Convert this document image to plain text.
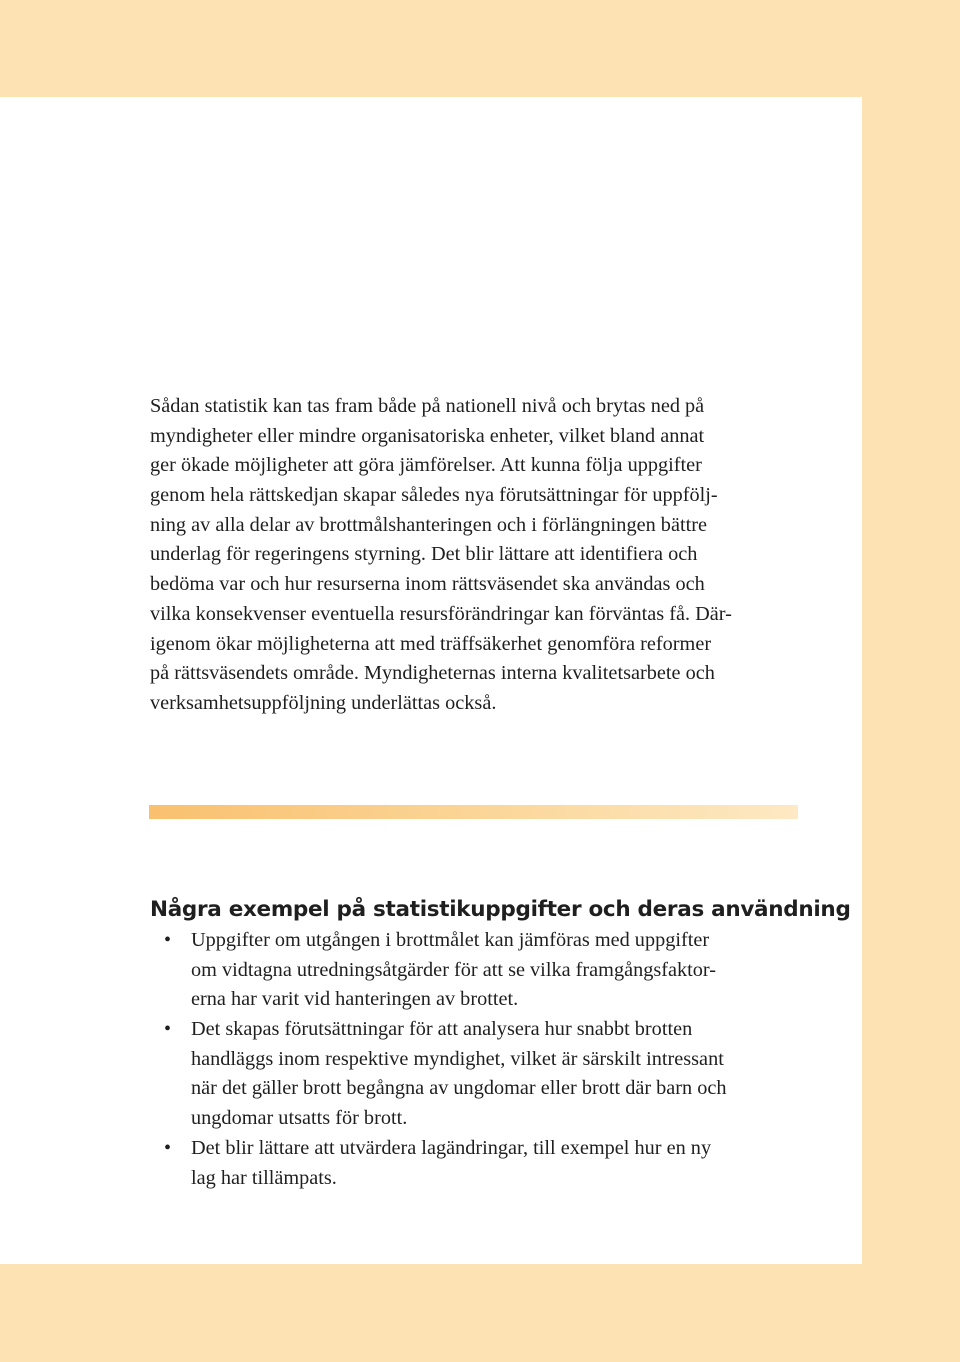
Sådan statistik kan tas fram både på nationell nivå och brytas ned på
myndigheter eller mindre organisatoriska enheter, vilket bland annat
ger ökade möjligheter att göra jämförelser. Att kunna följa uppgifter
genom hela rättskedjan skapar således nya förutsättningar för uppfölj-
ning av alla delar av brottmålshanteringen och i förlängningen bättre
underlag för regeringens styrning. Det blir lättare att identifiera och
bedöma var och hur resurserna inom rättsväsendet ska användas och
vilka konsekvenser eventuella resursförändringar kan förväntas få. Där-
igenom ökar möjligheterna att med träffsäkerhet genomföra reformer
på rättsväsendets område. Myndigheternas interna kvalitetsarbete och
verksamhetsuppföljning underlättas också.
Några exempel på statistikuppgifter och deras användning
• Uppgifter om utgången i brottmålet kan jämföras med uppgifter
om vidtagna utredningsåtgärder för att se vilka framgångsfaktor-
erna har varit vid hanteringen av brottet.
• Det skapas förutsättningar för att analysera hur snabbt brotten
handläggs inom respektive myndighet, vilket är särskilt intressant
när det gäller brott begångna av ungdomar eller brott där barn och
ungdomar utsatts för brott.
• Det blir lättare att utvärdera lagändringar, till exempel hur en ny
lag har tillämpats.
